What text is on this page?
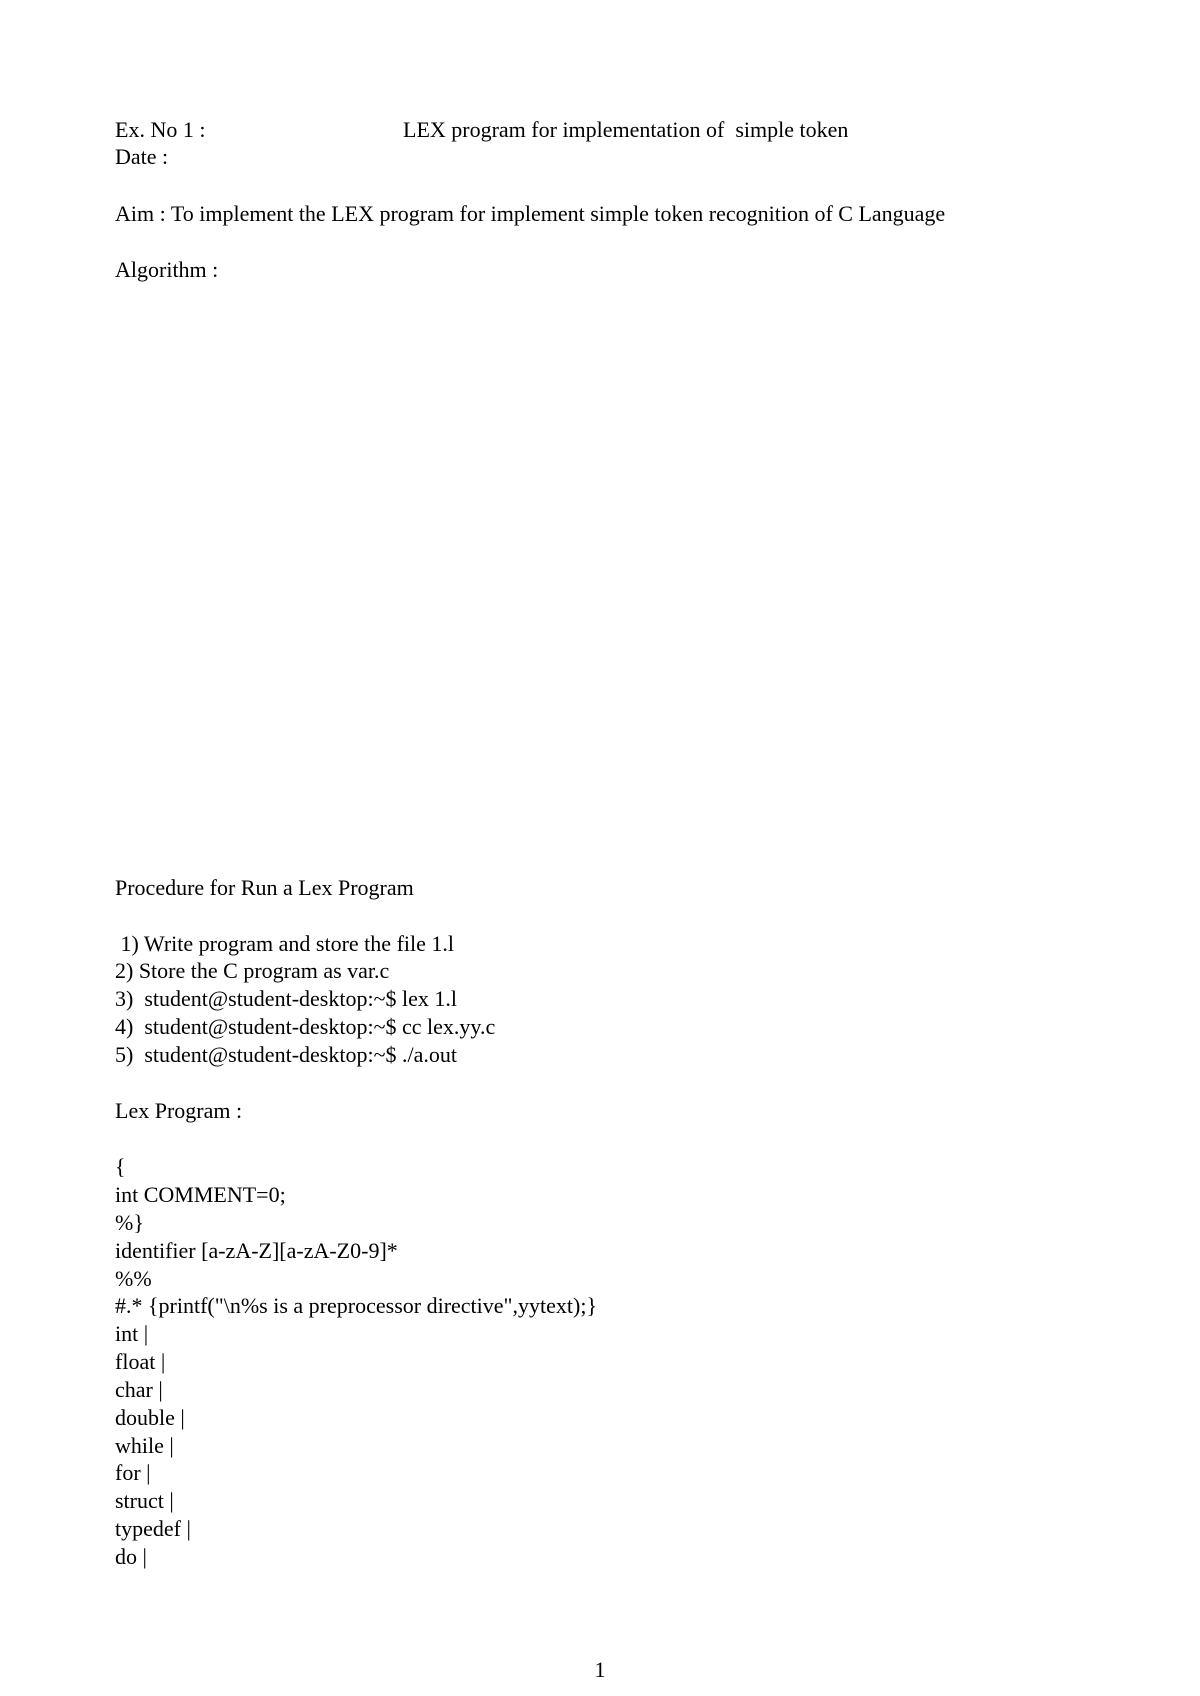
Ex. No 1 :	LEX program for implementation of  simple token
Date :
Aim : To implement the LEX program for implement simple token recognition of C Language
Algorithm :
Procedure for Run a Lex Program
1) Write program and store the file 1.l
2) Store the C program as var.c
3)  student@student-desktop:~$ lex 1.l
4)  student@student-desktop:~$ cc lex.yy.c
5)  student@student-desktop:~$ ./a.out
Lex Program :
{
int COMMENT=0;
%}
identifier [a-zA-Z][a-zA-Z0-9]*
%%
#.* {printf("\n%s is a preprocessor directive",yytext);}
int |
float |
char |
double |
while |
for |
struct |
typedef |
do |
1
